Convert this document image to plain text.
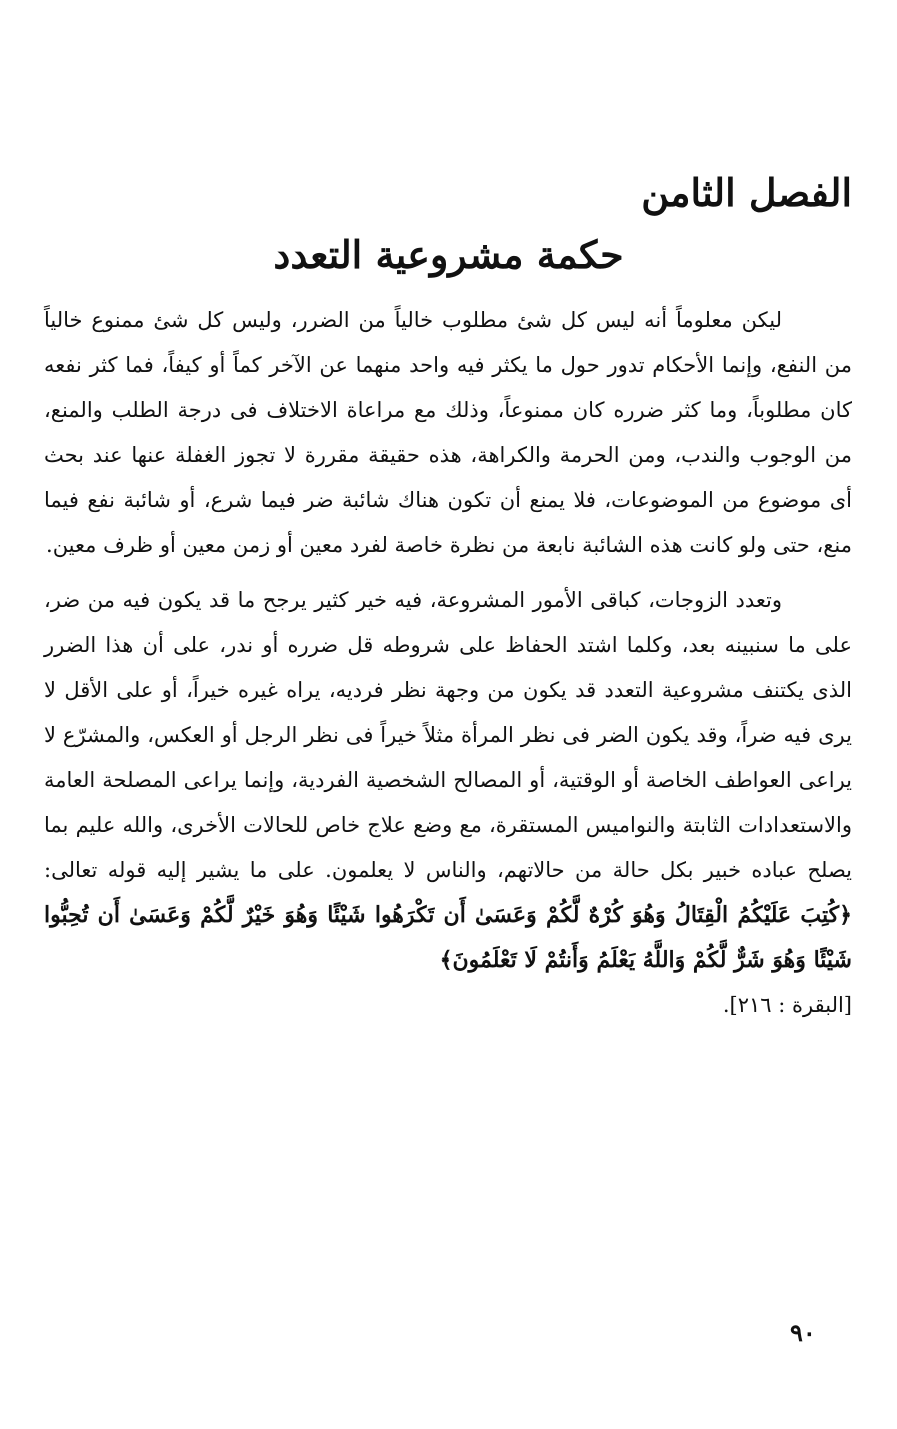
الفصل الثامن
حكمة مشروعية التعدد

ليكن معلوماً أنه ليس كل شئ مطلوب خالياً من الضرر، وليس كل شئ ممنوع خالياً من النفع، وإنما الأحكام تدور حول ما يكثر فيه واحد منهما عن الآخر كماً أو كيفاً، فما كثر نفعه كان مطلوباً، وما كثر ضرره كان ممنوعاً، وذلك مع مراعاة الاختلاف فى درجة الطلب والمنع، من الوجوب والندب، ومن الحرمة والكراهة، هذه حقيقة مقررة لا تجوز الغفلة عنها عند بحث أى موضوع من الموضوعات، فلا يمنع أن تكون هناك شائبة ضر فيما شرع، أو شائبة نفع فيما منع، حتى ولو كانت هذه الشائبة نابعة من نظرة خاصة لفرد معين أو زمن معين أو ظرف معين.

وتعدد الزوجات، كباقى الأمور المشروعة، فيه خير كثير يرجح ما قد يكون فيه من ضر، على ما سنبينه بعد، وكلما اشتد الحفاظ على شروطه قل ضرره أو ندر، على أن هذا الضرر الذى يكتنف مشروعية التعدد قد يكون من وجهة نظر فرديه، يراه غيره خيراً، أو على الأقل لا يرى فيه ضراً، وقد يكون الضر فى نظر المرأة مثلاً خيراً فى نظر الرجل أو العكس، والمشرّع لا يراعى العواطف الخاصة أو الوقتية، أو المصالح الشخصية الفردية، وإنما يراعى المصلحة العامة والاستعدادات الثابتة والنواميس المستقرة، مع وضع علاج خاص للحالات الأخرى، والله عليم بما يصلح عباده خبير بكل حالة من حالاتهم، والناس لا يعلمون. على ما يشير إليه قوله تعالى: ﴿كُتِبَ عَلَيْكُمُ الْقِتَالُ وَهُوَ كُرْهٌ لَّكُمْ وَعَسَىٰ أَن تَكْرَهُوا شَيْئًا وَهُوَ خَيْرٌ لَّكُمْ وَعَسَىٰ أَن تُحِبُّوا شَيْئًا وَهُوَ شَرٌّ لَّكُمْ وَاللَّهُ يَعْلَمُ وَأَنتُمْ لَا تَعْلَمُونَ﴾
[البقرة : ٢١٦].

٩٠
